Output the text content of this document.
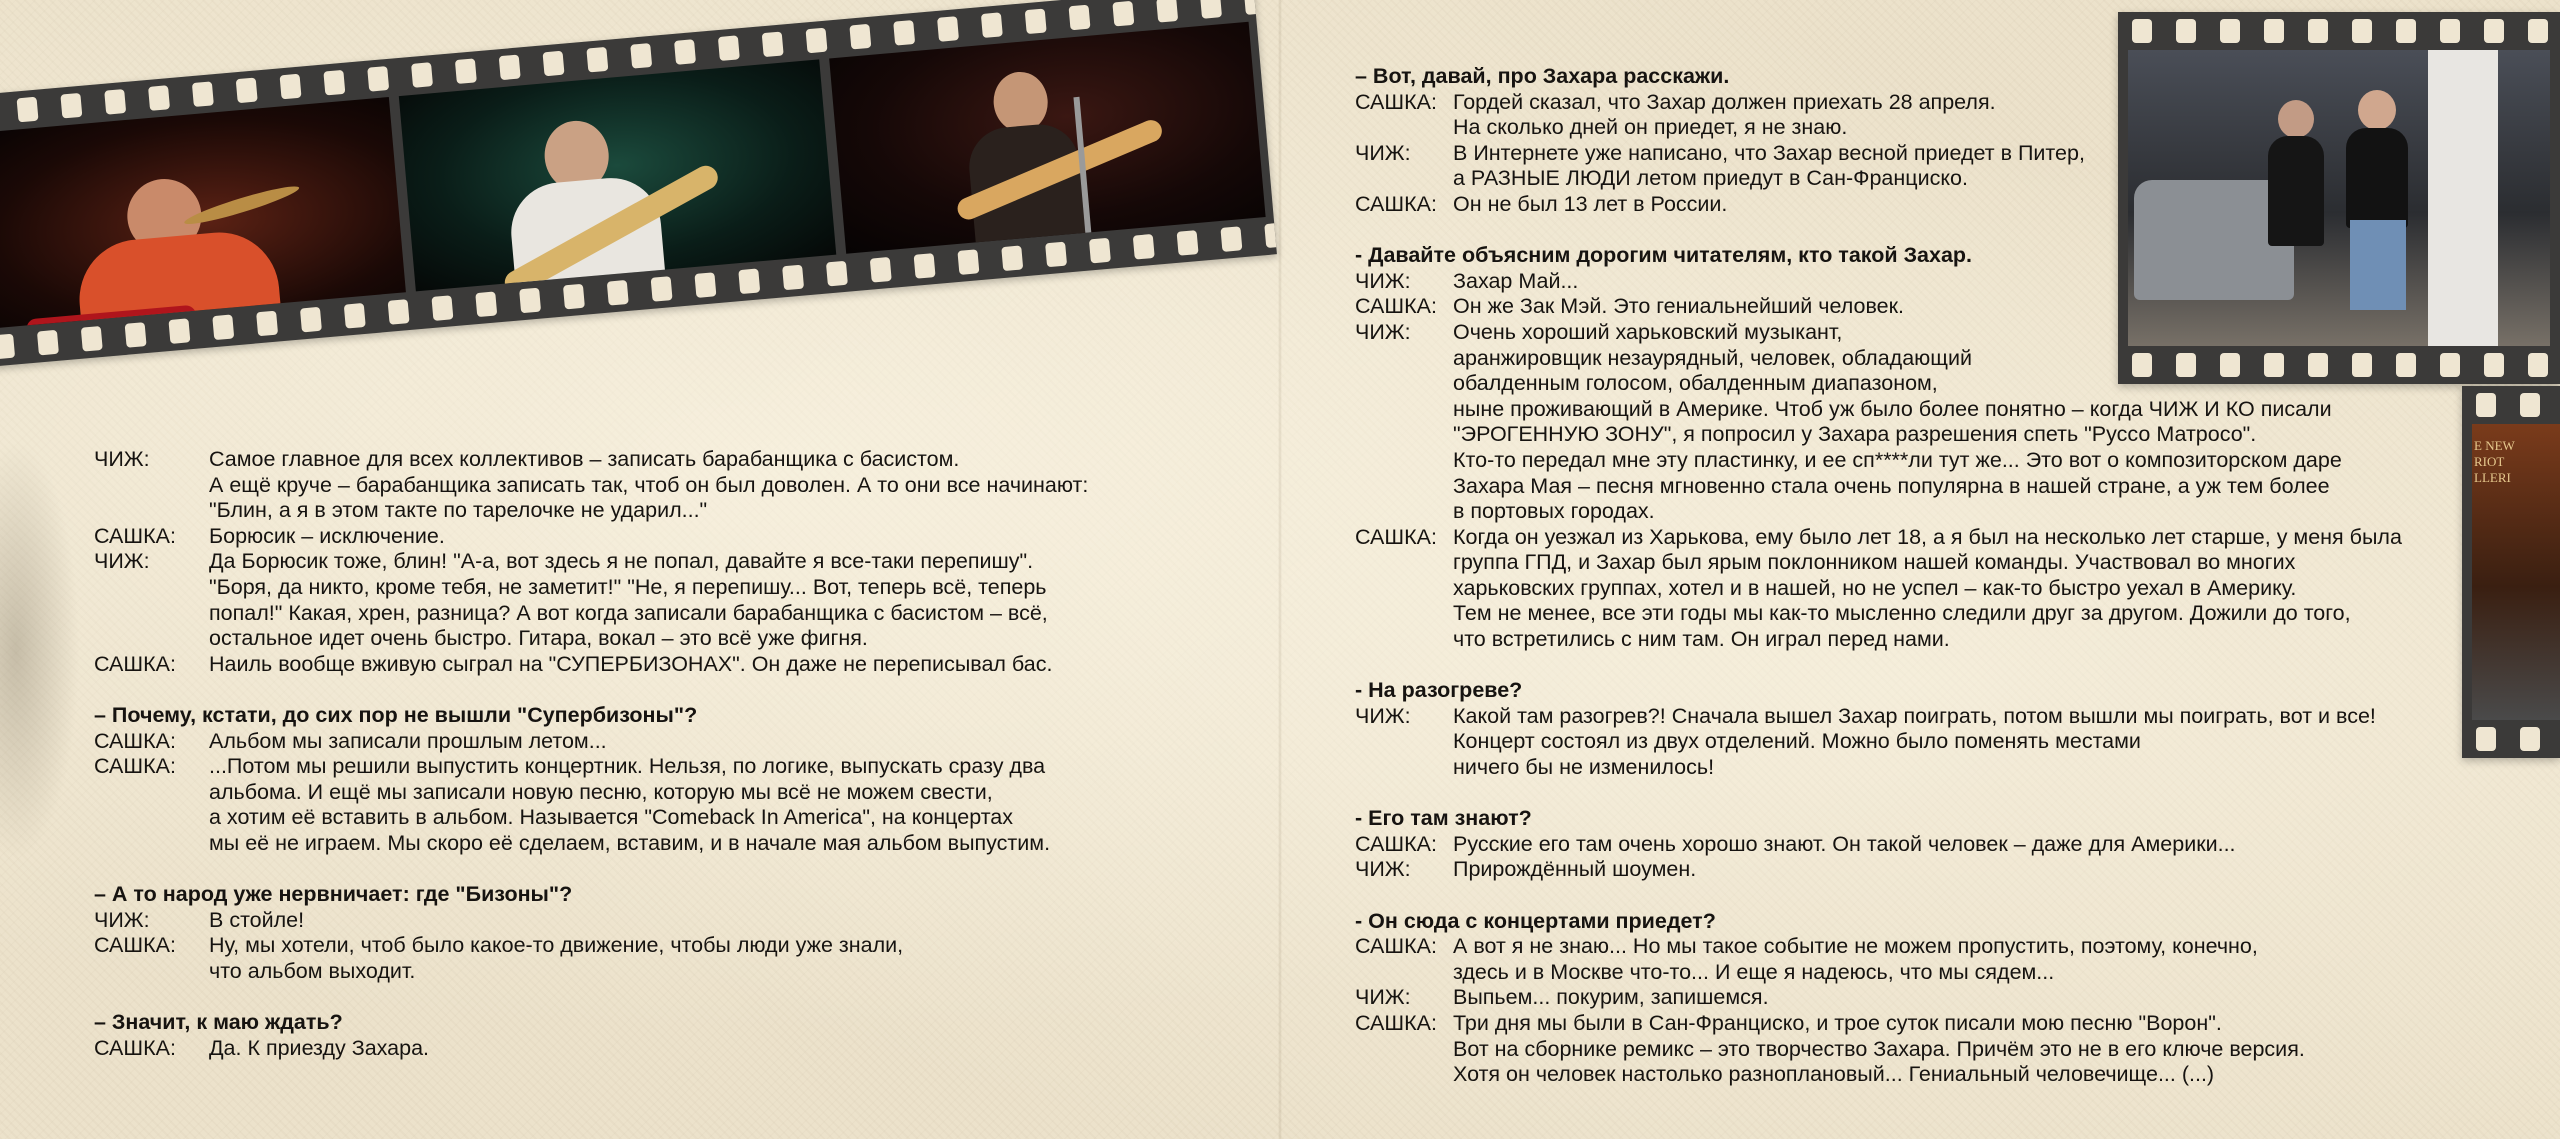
E NEW
RIOT
LLERI
ЧИЖ:	Самое главное для всех коллективов – записать барабанщика с басистом.
А ещё круче – барабанщика записать так, чтоб он был доволен. А то они все начинают:
"Блин, а я в этом такте по тарелочке не ударил..."
САШКА:	Борюсик – исключение.
ЧИЖ:	Да Борюсик тоже, блин! "А-а, вот здесь я не попал, давайте я все-таки перепишу".
"Боря, да никто, кроме тебя, не заметит!" "Не, я перепишу... Вот, теперь всё, теперь
попал!" Какая, хрен, разница? А вот когда записали барабанщика с басистом – всё,
остальное идет очень быстро. Гитара, вокал – это всё уже фигня.
САШКА:	Наиль вообще вживую сыграл на "СУПЕРБИЗОНАХ". Он даже не переписывал бас.
– Почему, кстати, до сих пор не вышли "Супербизоны"?
САШКА:	Альбом мы записали прошлым летом...
САШКА:	...Потом мы решили выпустить концертник. Нельзя, по логике, выпускать сразу два
альбома. И ещё мы записали новую песню, которую мы всё не можем свести,
а хотим её вставить в альбом. Называется "Comeback In America", на концертах
мы её не играем. Мы скоро её сделаем, вставим, и в начале мая альбом выпустим.
– А то народ уже нервничает: где "Бизоны"?
ЧИЖ:	В стойле!
САШКА:	Ну, мы хотели, чтоб было какое-то движение, чтобы люди уже знали,
что альбом выходит.
– Значит, к маю ждать?
САШКА:	Да. К приезду Захара.
– Вот, давай, про Захара расскажи.
САШКА: Гордей сказал, что Захар должен приехать 28 апреля.
На сколько дней он приедет, я не знаю.
ЧИЖ:	В Интернете уже написано, что Захар весной приедет в Питер,
а РАЗНЫЕ ЛЮДИ летом приедут в Сан-Франциско.
САШКА: Он не был 13 лет в России.
- Давайте объясним дорогим читателям, кто такой Захар.
ЧИЖ:	Захар Май...
САШКА: Он же Зак Мэй. Это гениальнейший человек.
ЧИЖ:	Очень хороший харьковский музыкант,
аранжировщик незаурядный, человек, обладающий
обалденным голосом, обалденным диапазоном,
ныне проживающий в Америке. Чтоб уж было более понятно – когда ЧИЖ И КО писали
"ЭРОГЕННУЮ ЗОНУ", я попросил у Захара разрешения спеть "Руссо Матросо".
Кто-то передал мне эту пластинку, и ее сп****ли тут же... Это вот о композиторском даре
Захара Мая – песня мгновенно стала очень популярна в нашей стране, а уж тем более
в портовых городах.
САШКА: Когда он уезжал из Харькова, ему было лет 18, а я был на несколько лет старше, у меня была
группа ГПД, и Захар был ярым поклонником нашей команды. Участвовал во многих
харьковских группах, хотел и в нашей, но не успел – как-то быстро уехал в Америку.
Тем не менее, все эти годы мы как-то мысленно следили друг за другом. Дожили до того,
что встретились с ним там. Он играл перед нами.
- На разогреве?
ЧИЖ:	Какой там разогрев?! Сначала вышел Захар поиграть, потом вышли мы поиграть, вот и все!
Концерт состоял из двух отделений. Можно было поменять местами
ничего бы не изменилось!
- Его там знают?
САШКА: Русские его там очень хорошо знают. Он такой человек – даже для Америки...
ЧИЖ:	Прирождённый шоумен.
- Он сюда с концертами приедет?
САШКА: А вот я не знаю... Но мы такое событие не можем пропустить, поэтому, конечно,
здесь и в Москве что-то... И еще я надеюсь, что мы сядем...
ЧИЖ:	Выпьем... покурим, запишемся.
САШКА: Три дня мы были в Сан-Франциско, и трое суток писали мою песню "Ворон".
Вот на сборнике ремикс – это творчество Захара. Причём это не в его ключе версия.
Хотя он человек настолько разноплановый... Гениальный человечище... (...)
